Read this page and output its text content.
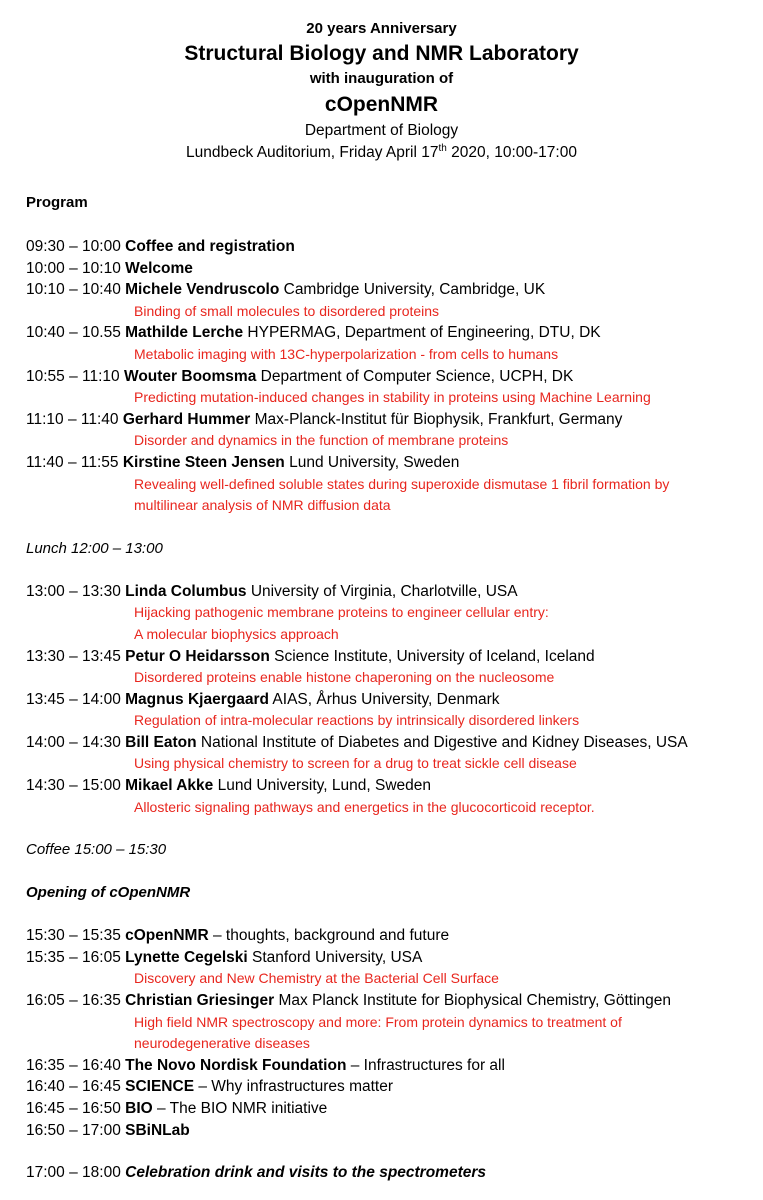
20 years Anniversary
Structural Biology and NMR Laboratory
with inauguration of
cOpenNMR
Department of Biology
Lundbeck Auditorium, Friday April 17th 2020, 10:00-17:00
Program
09:30 – 10:00 Coffee and registration
10:00 – 10:10 Welcome
10:10 – 10:40 Michele Vendruscolo Cambridge University, Cambridge, UK
Binding of small molecules to disordered proteins
10:40 – 10.55 Mathilde Lerche HYPERMAG, Department of Engineering, DTU, DK
Metabolic imaging with 13C-hyperpolarization - from cells to humans
10:55 – 11:10 Wouter Boomsma Department of Computer Science, UCPH, DK
Predicting mutation-induced changes in stability in proteins using Machine Learning
11:10 – 11:40 Gerhard Hummer Max-Planck-Institut für Biophysik, Frankfurt, Germany
Disorder and dynamics in the function of membrane proteins
11:40 – 11:55 Kirstine Steen Jensen Lund University, Sweden
Revealing well-defined soluble states during superoxide dismutase 1 fibril formation by
multilinear analysis of NMR diffusion data
Lunch 12:00 – 13:00
13:00 – 13:30 Linda Columbus University of Virginia, Charlotville, USA
Hijacking pathogenic membrane proteins to engineer cellular entry:
A molecular biophysics approach
13:30 – 13:45 Petur O Heidarsson Science Institute, University of Iceland, Iceland
Disordered proteins enable histone chaperoning on the nucleosome
13:45 – 14:00 Magnus Kjaergaard AIAS, Århus University, Denmark
Regulation of intra-molecular reactions by intrinsically disordered linkers
14:00 – 14:30 Bill Eaton National Institute of Diabetes and Digestive and Kidney Diseases, USA
Using physical chemistry to screen for a drug to treat sickle cell disease
14:30 – 15:00 Mikael Akke Lund University, Lund, Sweden
Allosteric signaling pathways and energetics in the glucocorticoid receptor.
Coffee 15:00 – 15:30
Opening of cOpenNMR
15:30 – 15:35 cOpenNMR – thoughts, background and future
15:35 – 16:05 Lynette Cegelski Stanford University, USA
Discovery and New Chemistry at the Bacterial Cell Surface
16:05 – 16:35 Christian Griesinger Max Planck Institute for Biophysical Chemistry, Göttingen
High field NMR spectroscopy and more: From protein dynamics to treatment of
neurodegenerative diseases
16:35 – 16:40 The Novo Nordisk Foundation – Infrastructures for all
16:40 – 16:45 SCIENCE – Why infrastructures matter
16:45 – 16:50 BIO – The BIO NMR initiative
16:50 – 17:00 SBiNLab
17:00 – 18:00 Celebration drink and visits to the spectrometers
